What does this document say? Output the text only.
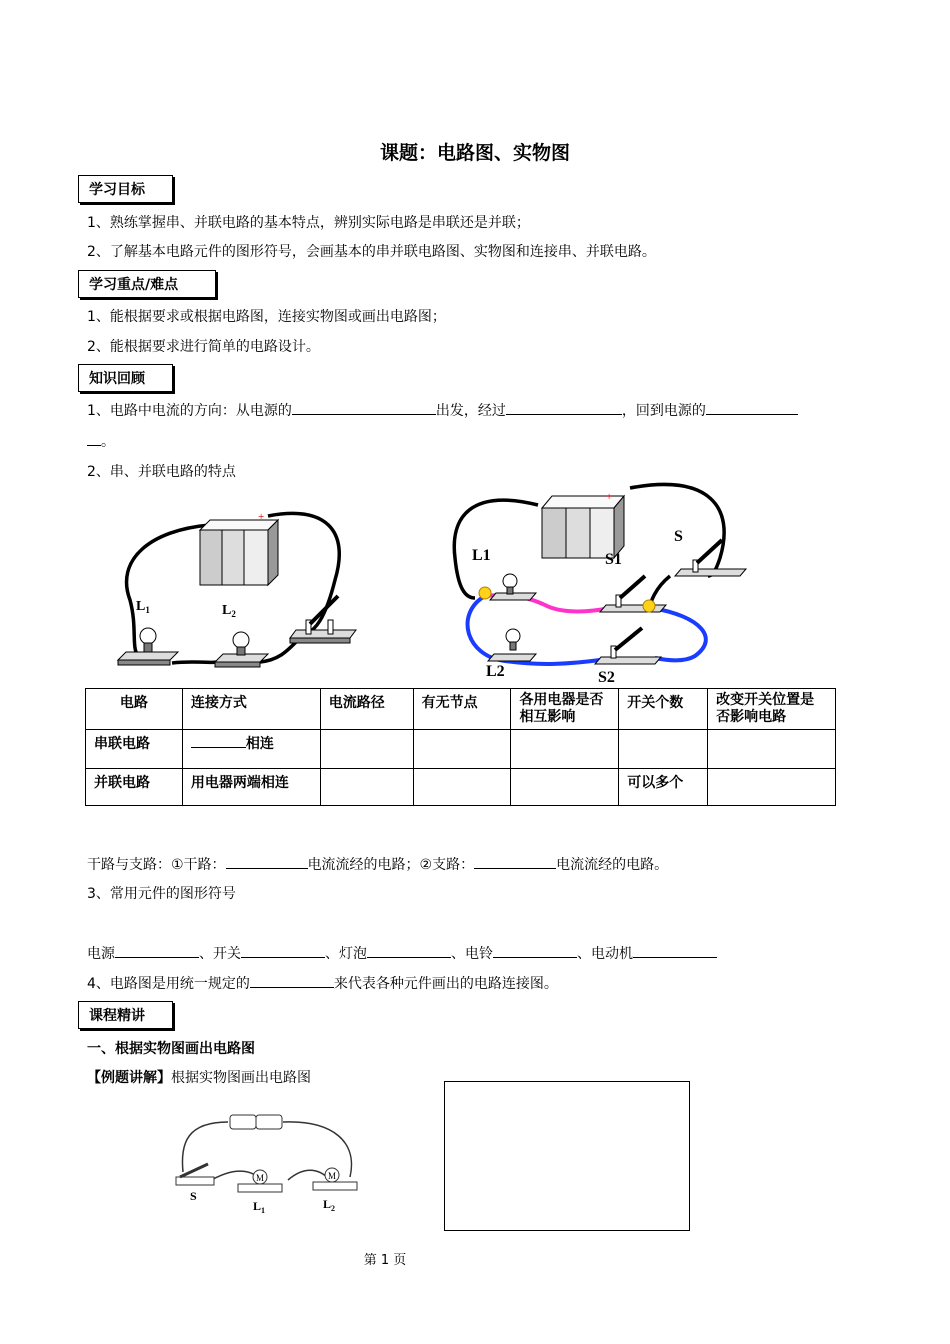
课题：电路图、实物图
学习目标
1、熟练掌握串、并联电路的基本特点，辨别实际电路是串联还是并联；
2、了解基本电路元件的图形符号，会画基本的串并联电路图、实物图和连接串、并联电路。
学习重点/难点
1、能根据要求或根据电路图，连接实物图或画出电路图；
2、能根据要求进行简单的电路设计。
知识回顾
1、电路中电流的方向：从电源的	出发，经过	，回到电源的
。
2、串、并联电路的特点
+
$L_1$	$L_2$
+
L1
L2
S
S1
S2
电路	连接方式	电流路径	有无节点	各用电器是否相互影响	开关个数	改变开关位置是否影响电路
串联电路	相连					
并联电路	用电器两端相连				可以多个	
干路与支路：①干路：	电流流经的电路；②支路：	电流流经的电路。
3、常用元件的图形符号
电源	、开关	、灯泡	、电铃	、电动机
4、电路图是用统一规定的	来代表各种元件画出的电路连接图。
课程精讲
一、根据实物图画出电路图
【例题讲解】根据实物图画出电路图
M	M
S
$L_1$	$L_2$
第 1 页
